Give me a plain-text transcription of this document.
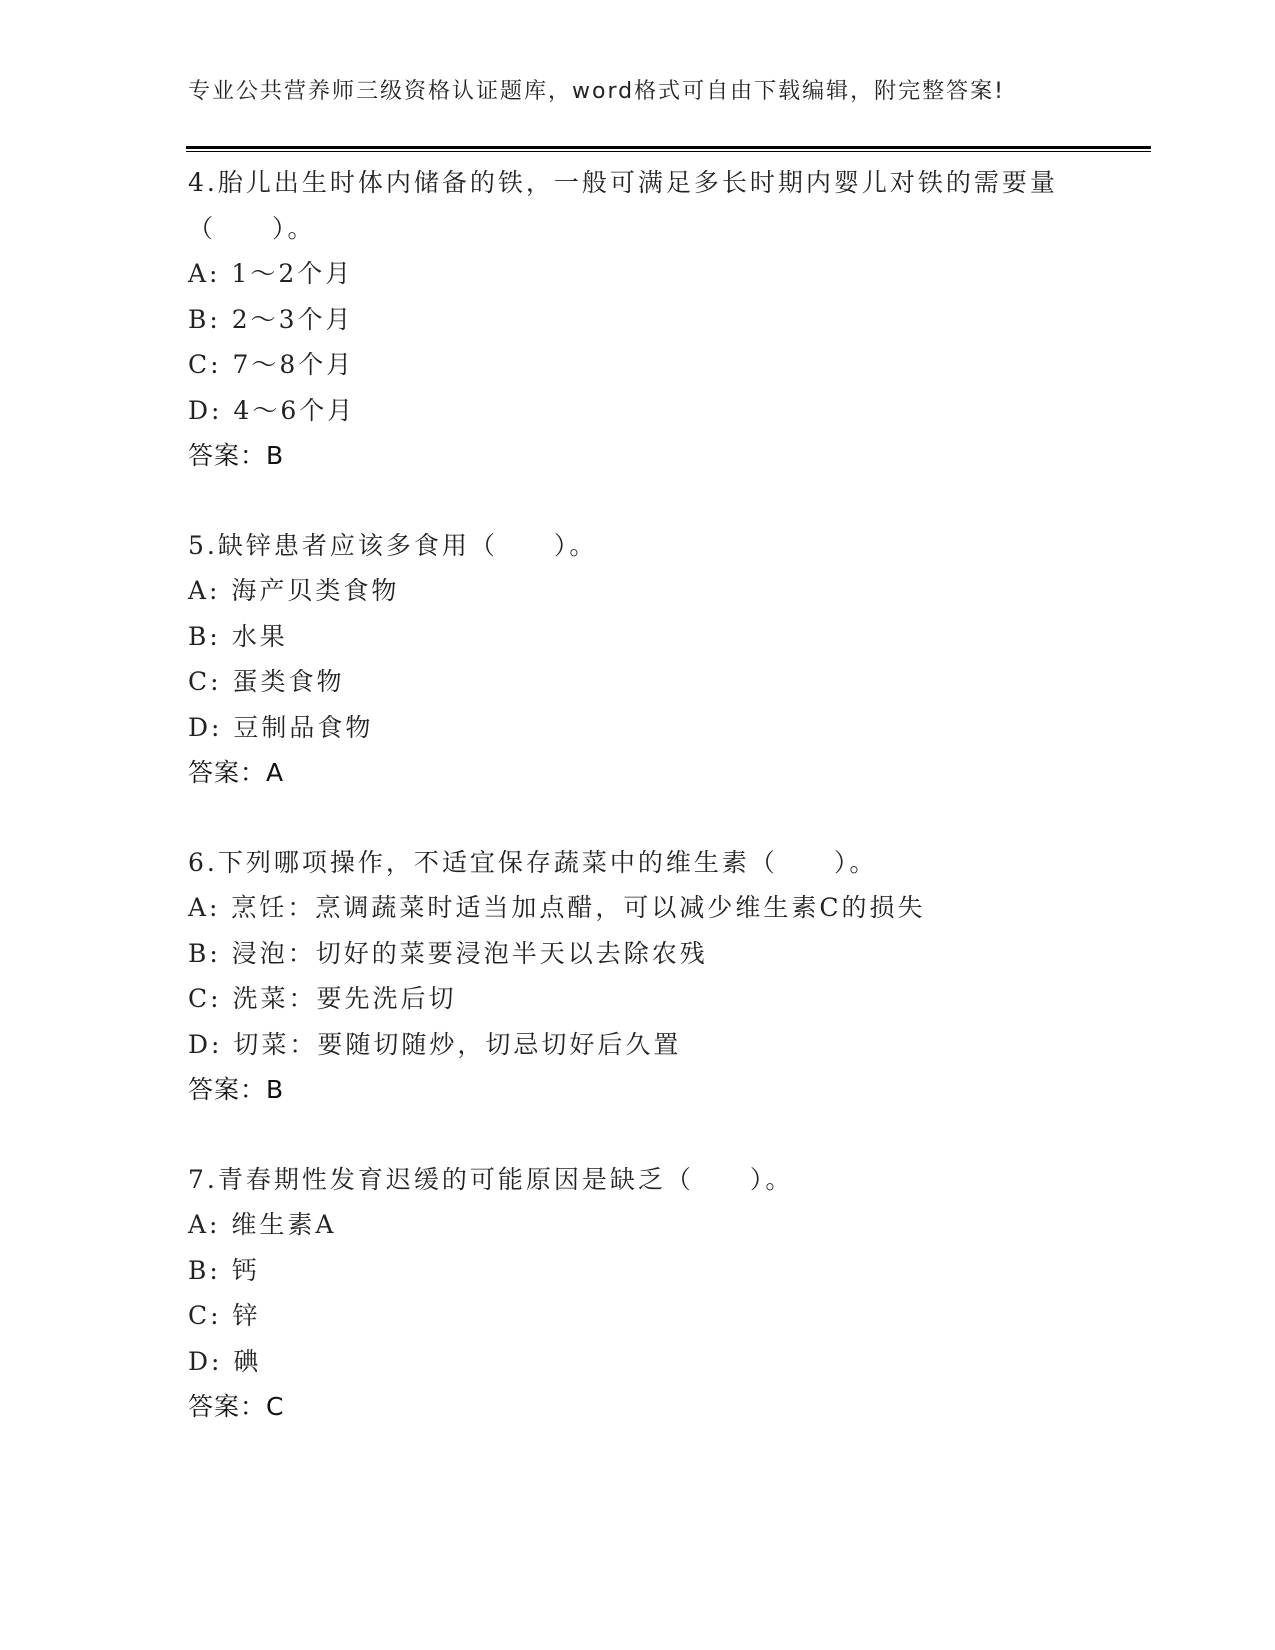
专业公共营养师三级资格认证题库，word格式可自由下载编辑，附完整答案!

4.胎儿出生时体内储备的铁，一般可满足多长时期内婴儿对铁的需要量（　　）。

A: 1～2个月

B: 2～3个月

C: 7～8个月

D: 4～6个月

答案：B

5.缺锌患者应该多食用（　　）。

A: 海产贝类食物

B: 水果

C: 蛋类食物

D: 豆制品食物

答案：A

6.下列哪项操作，不适宜保存蔬菜中的维生素（　　）。

A: 烹饪：烹调蔬菜时适当加点醋，可以减少维生素C的损失

B: 浸泡：切好的菜要浸泡半天以去除农残

C: 洗菜：要先洗后切

D: 切菜：要随切随炒，切忌切好后久置

答案：B

7.青春期性发育迟缓的可能原因是缺乏（　　）。

A: 维生素A

B: 钙

C: 锌

D: 碘

答案：C
